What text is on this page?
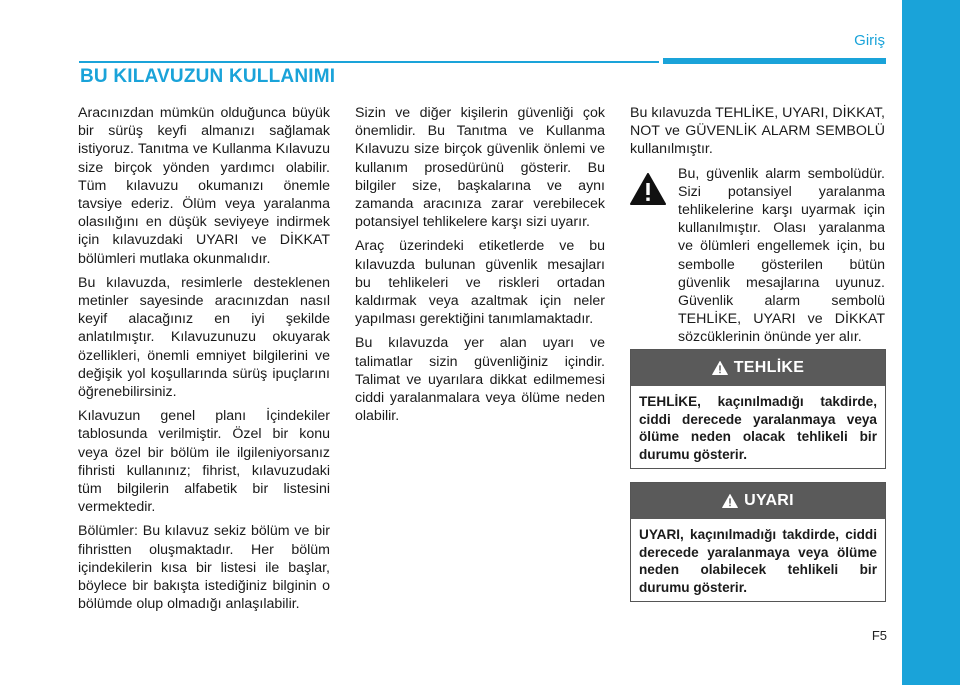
Giriş
BU KILAVUZUN KULLANIMI

Aracınızdan mümkün olduğunca büyük bir sürüş keyfi almanızı sağlamak istiyoruz. Tanıtma ve Kullanma Kılavuzu size birçok yönden yardımcı olabilir. Tüm kılavuzu okumanızı önemle tavsiye ederiz. Ölüm veya yaralanma olasılığını en düşük seviyeye indirmek için kılavuzdaki UYARI ve DİKKAT bölümleri mutlaka okunmalıdır.

Bu kılavuzda, resimlerle desteklenen metinler sayesinde aracınızdan nasıl keyif alacağınız en iyi şekilde anlatılmıştır. Kılavuzunuzu okuyarak özellikleri, önemli emniyet bilgilerini ve değişik yol koşullarında sürüş ipuçlarını öğrenebilirsiniz.

Kılavuzun genel planı İçindekiler tablosunda verilmiştir. Özel bir konu veya özel bir bölüm ile ilgileniyorsanız fihristi kullanınız; fihrist, kılavuzudaki tüm bilgilerin alfabetik bir listesini vermektedir.

Bölümler: Bu kılavuz sekiz bölüm ve bir fihristten oluşmaktadır. Her bölüm içindekilerin kısa bir listesi ile başlar, böylece bir bakışta istediğiniz bilginin o bölümde olup olmadığı anlaşılabilir.

Sizin ve diğer kişilerin güvenliği çok önemlidir. Bu Tanıtma ve Kullanma Kılavuzu size birçok güvenlik önlemi ve kullanım prosedürünü gösterir. Bu bilgiler size, başkalarına ve aynı zamanda aracınıza zarar verebilecek potansiyel tehlikelere karşı sizi uyarır.

Araç üzerindeki etiketlerde ve bu kılavuzda bulunan güvenlik mesajları bu tehlikeleri ve riskleri ortadan kaldırmak veya azaltmak için neler yapılması gerektiğini tanımlamaktadır.

Bu kılavuzda yer alan uyarı ve talimatlar sizin güvenliğiniz içindir. Talimat ve uyarılara dikkat edilmemesi ciddi yaralanmalara veya ölüme neden olabilir.

Bu kılavuzda TEHLİKE, UYARI, DİKKAT, NOT ve GÜVENLİK ALARM SEMBOLÜ kullanılmıştır.

Bu, güvenlik alarm sembolüdür. Sizi potansiyel yaralanma tehlikelerine karşı uyarmak için kullanılmıştır. Olası yaralanma ve ölümleri engellemek için, bu sembolle gösterilen bütün güvenlik mesajlarına uyunuz. Güvenlik alarm sembolü TEHLİKE, UYARI ve DİKKAT sözcüklerinin önünde yer alır.
TEHLİKE
TEHLİKE, kaçınılmadığı takdirde, ciddi derecede yaralanmaya veya ölüme neden olacak tehlikeli bir durumu gösterir.
UYARI
UYARI, kaçınılmadığı takdirde, ciddi derecede yaralanmaya veya ölüme neden olabilecek tehlikeli bir durumu gösterir.
F5
